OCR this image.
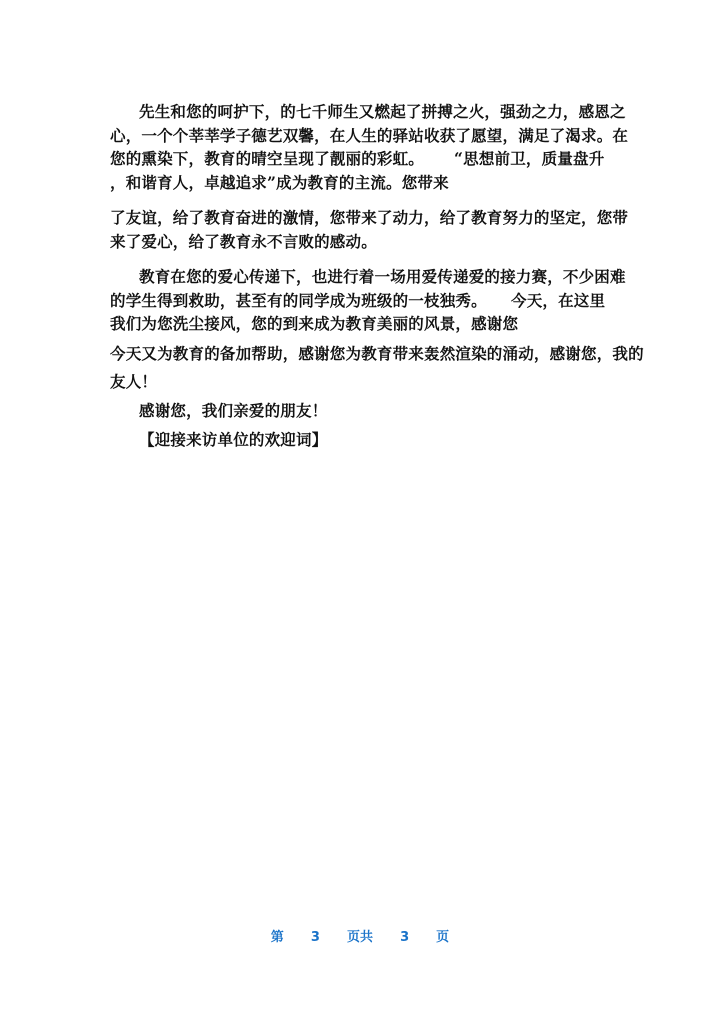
先生和您的呵护下，的七千师生又燃起了拼搏之火，强劲之力，感恩之
心，一个个莘莘学子德艺双馨，在人生的驿站收获了愿望，满足了渴求。在
您的熏染下，教育的晴空呈现了靓丽的彩虹。 “思想前卫，质量盘升
，和谐育人，卓越追求”成为教育的主流。您带来
了友谊，给了教育奋进的激情，您带来了动力，给了教育努力的坚定，您带
来了爱心，给了教育永不言败的感动。
教育在您的爱心传递下，也进行着一场用爱传递爱的接力赛，不少困难
的学生得到救助，甚至有的同学成为班级的一枝独秀。 今天，在这里
我们为您洗尘接风，您的到来成为教育美丽的风景，感谢您
今天又为教育的备加帮助，感谢您为教育带来轰然渲染的涌动，感谢您，我的
友人！
感谢您，我们亲爱的朋友！
【迎接来访单位的欢迎词】
第 3 页共 3 页
